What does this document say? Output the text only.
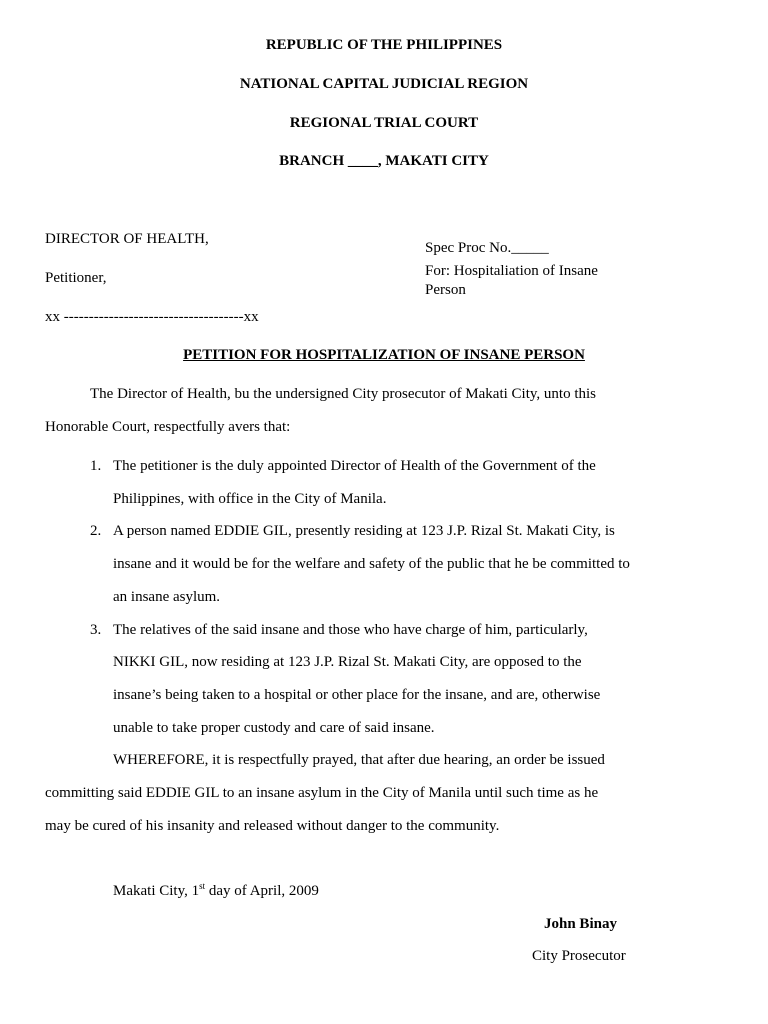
REPUBLIC OF THE PHILIPPINES
NATIONAL CAPITAL JUDICIAL REGION
REGIONAL TRIAL COURT
BRANCH ____, MAKATI CITY
DIRECTOR OF HEALTH,
Petitioner,
xx ------------------------------------xx
Spec Proc No._____
For: Hospitaliation of Insane
Person
PETITION FOR HOSPITALIZATION OF INSANE PERSON
The Director of Health, bu the undersigned City prosecutor of Makati City, unto this
Honorable Court, respectfully avers that:
1. The petitioner is the duly appointed Director of Health of the Government of the
Philippines, with office in the City of Manila.
2. A person named EDDIE GIL, presently residing at 123 J.P. Rizal St. Makati City, is
insane and it would be for the welfare and safety of the public that he be committed to
an insane asylum.
3. The relatives of the said insane and those who have charge of him, particularly,
NIKKI GIL, now residing at 123 J.P. Rizal St. Makati City, are opposed to the
insane’s being taken to a hospital or other place for the insane, and are, otherwise
unable to take proper custody and care of said insane.
WHEREFORE, it is respectfully prayed, that after due hearing, an order be issued
committing said EDDIE GIL to an insane asylum in the City of Manila until such time as he
may be cured of his insanity and released without danger to the community.
Makati City, 1st day of April, 2009
John Binay
City Prosecutor
